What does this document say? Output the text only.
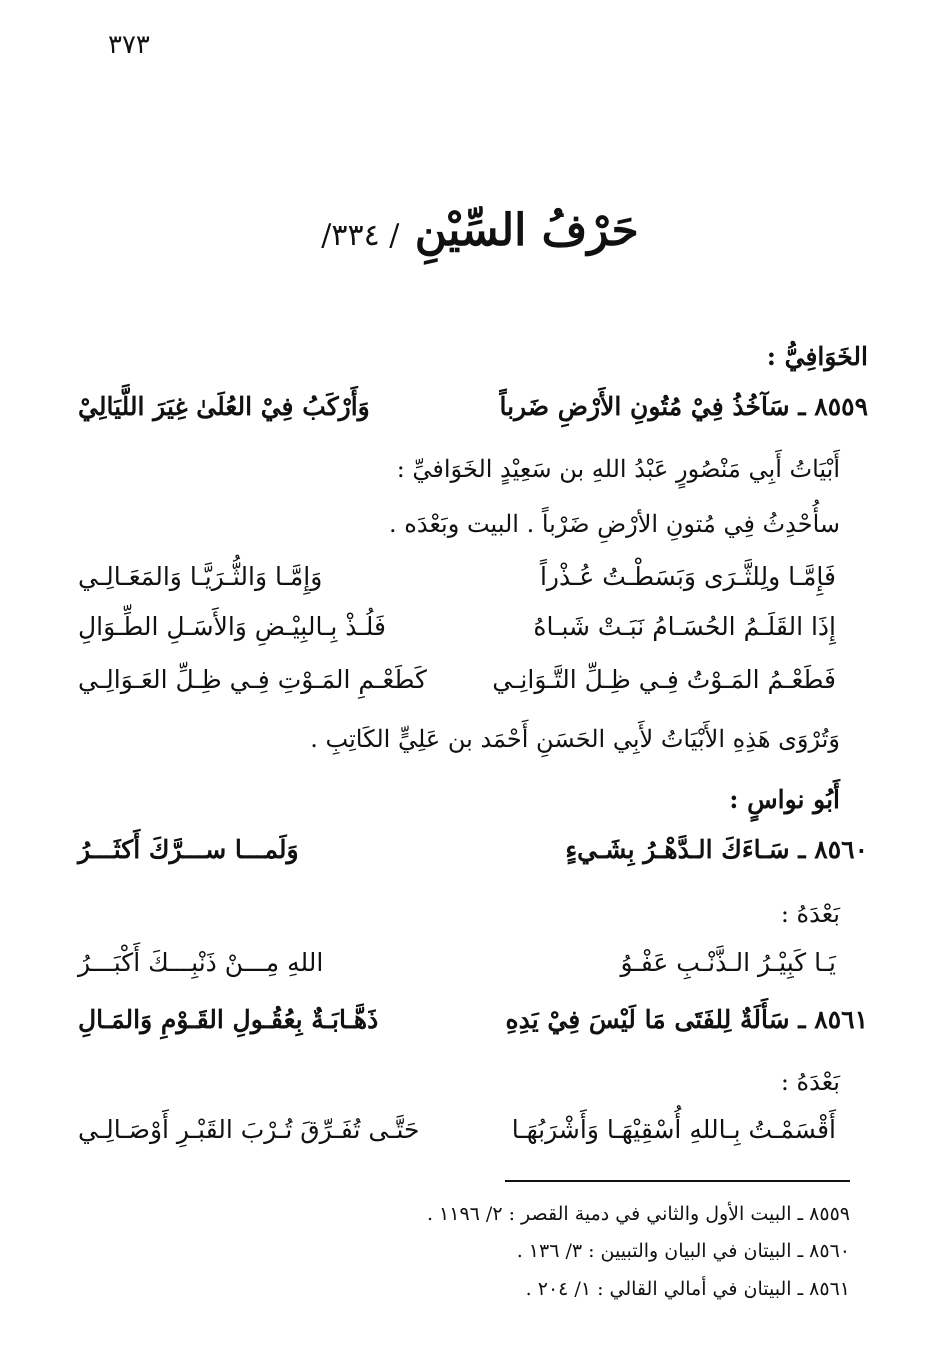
٣٧٣
حَرْفُ السِّيْنِ / ٣٣٤/
الخَوَافِيُّ :
٨٥٥٩ ـ سَآخُذُ فِيْ مُتُونِ الأَرْضِ ضَرباً
وَأَرْكَبُ فِيْ العُلَىٰ غِيَرَ اللَّيَالِيْ
أَبْيَاتُ أَبِي مَنْصُورٍ عَبْدُ اللهِ بن سَعِيْدٍ الخَوَافيِّ :
سأُحْدِثُ فِي مُتونِ الأرْضِ ضَرْباً . البيت وبَعْدَه .
فَإِمَّـا ولِلثَّـرَى وَبَسَطْـتُ عُـذْراً
وَإِمَّـا وَالثُّـرَيَّـا وَالمَعَـالِـي
إِذَا القَلَـمُ الحُسَـامُ نَبَـتْ شَبـاهُ
فَلُـذْ بِـالبِيْـضِ وَالأَسَـلِ الطِّـوَالِ
فَطَعْـمُ المَـوْتُ فِـي ظِـلِّ التَّـوَانِـي
كَطَعْـمِ المَـوْتِ فِـي ظِـلِّ العَـوَالِـي
وَتُرْوَى هَذِهِ الأَبْيَاتُ لأَبِي الحَسَنِ أَحْمَد بن عَلِيٍّ الكَاتِبِ .
أَبُو نواسٍ :
٨٥٦٠ ـ سَـاءَكَ الـدَّهْـرُ بِشَـيءٍ
وَلَمـــا ســـرَّكَ أَكثَـــرُ
بَعْدَهُ :
يَـا كَبِيْـرُ الـذَّنْـبِ عَفْـوُ
اللهِ مِـــنْ ذَنْبِـــكَ أَكْبَـــرُ
٨٥٦١ ـ سَأَلَةٌ لِلفَتَى مَا لَيْسَ فِيْ يَدِهِ
ذَهَّـابَـةٌ بِعُقُـولِ القَـوْمِ وَالمَـالِ
بَعْدَهُ :
أَقْسَمْـتُ بِـاللهِ أُسْقِيْهَـا وَأَشْرَبُهَـا
حَتَّـى تُفَـرِّقَ تُـرْبَ القَبْـرِ أَوْصَـالِـي
٨٥٥٩ ـ البيت الأول والثاني في دمية القصر : ٢/ ١١٩٦ .
٨٥٦٠ ـ البيتان في البيان والتبيين : ٣/ ١٣٦ .
٨٥٦١ ـ البيتان في أمالي القالي : ١/ ٢٠٤ .
